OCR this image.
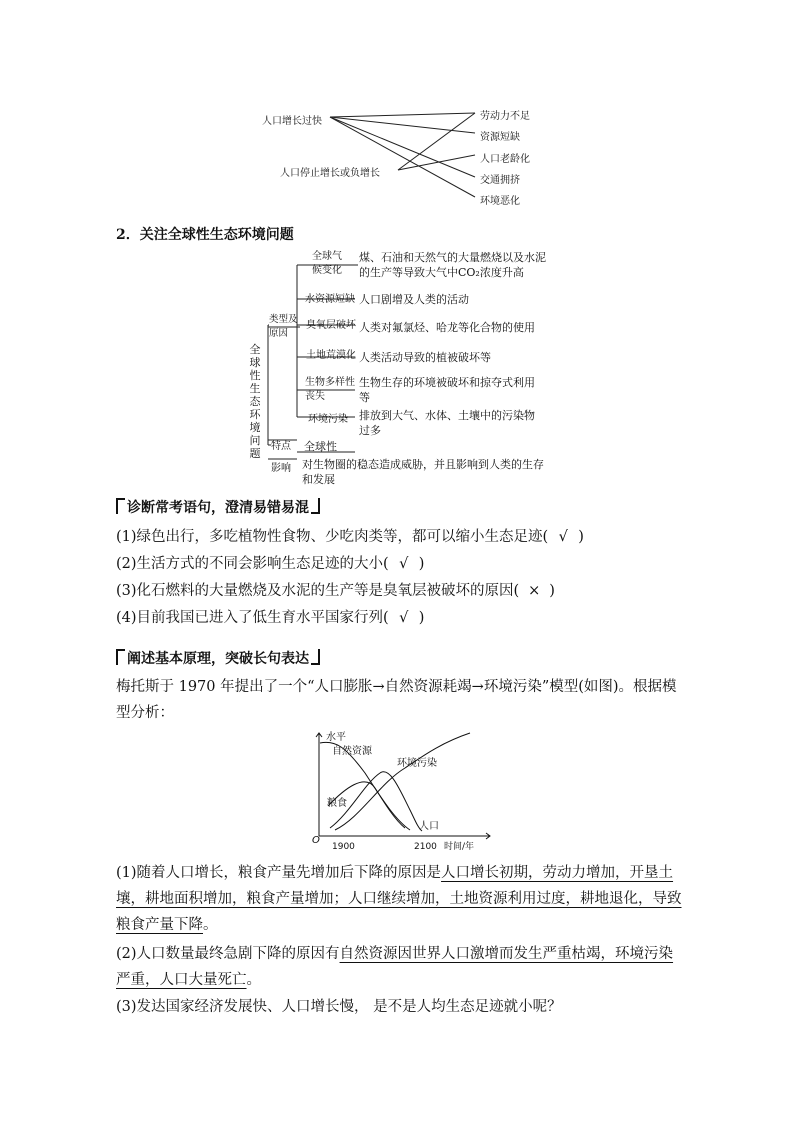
人口增长过快
人口停止增长或负增长
劳动力不足
资源短缺
人口老龄化
交通拥挤
环境恶化
2．关注全球性生态环境问题
全球性生态环境问题
类型及原因
特点
影响
全球气候变化
水资源短缺
臭氧层破坏
土地荒漠化
生物多样性丧失
环境污染
煤、石油和天然气的大量燃烧以及水泥的生产等导致大气中CO₂浓度升高
人口剧增及人类的活动
人类对氟氯烃、哈龙等化合物的使用
人类活动导致的植被破坏等
生物生存的环境被破坏和掠夺式利用等
排放到大气、水体、土壤中的污染物过多
全球性
对生物圈的稳态造成威胁，并且影响到人类的生存和发展
诊断常考语句，澄清易错易混
(1)绿色出行，多吃植物性食物、少吃肉类等，都可以缩小生态足迹( √ )
(2)生活方式的不同会影响生态足迹的大小( √ )
(3)化石燃料的大量燃烧及水泥的生产等是臭氧层被破坏的原因( × )
(4)目前我国已进入了低生育水平国家行列( √ )
阐述基本原理，突破长句表达
梅托斯于 1970 年提出了一个“人口膨胀→自然资源耗竭→环境污染”模型(如图)。根据模型分析：
水平
自然资源
环境污染
粮食
人口
O
1900	2100 时间/年
(1)随着人口增长，粮食产量先增加后下降的原因是人口增长初期，劳动力增加，开垦土壤，耕地面积增加，粮食产量增加；人口继续增加，土地资源利用过度，耕地退化，导致粮食产量下降。
(2)人口数量最终急剧下降的原因有自然资源因世界人口激增而发生严重枯竭，环境污染严重，人口大量死亡。
(3)发达国家经济发展快、人口增长慢， 是不是人均生态足迹就小呢？
